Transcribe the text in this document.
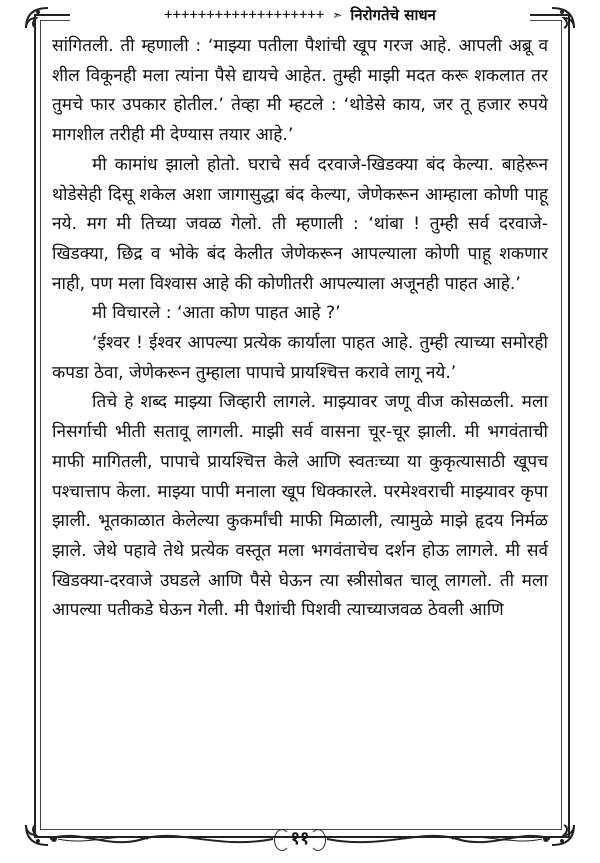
+++++++++++++++++++ ➣ निरोगतेचे साधन

सांगितली. ती म्हणाली : ‘माझ्या पतीला पैशांची खूप गरज आहे. आपली अब्रू व शील विकूनही मला त्यांना पैसे द्यायचे आहेत. तुम्ही माझी मदत करू शकलात तर तुमचे फार उपकार होतील.’ तेव्हा मी म्हटले : ‘थोडेसे काय, जर तू हजार रुपये मागशील तरीही मी देण्यास तयार आहे.’

मी कामांध झालो होतो. घराचे सर्व दरवाजे-खिडक्या बंद केल्या. बाहेरून थोडेसेही दिसू शकेल अशा जागासुद्धा बंद केल्या, जेणेकरून आम्हाला कोणी पाहू नये. मग मी तिच्या जवळ गेलो. ती म्हणाली : ‘थांबा ! तुम्ही सर्व दरवाजे-खिडक्या, छिद्र व भोके बंद केलीत जेणेकरून आपल्याला कोणी पाहू शकणार नाही, पण मला विश्वास आहे की कोणीतरी आपल्याला अजूनही पाहत आहे.’

मी विचारले : ‘आता कोण पाहत आहे ?’

‘ईश्वर ! ईश्वर आपल्या प्रत्येक कार्याला पाहत आहे. तुम्ही त्याच्या समोरही कपडा ठेवा, जेणेकरून तुम्हाला पापाचे प्रायश्चित्त करावे लागू नये.’

तिचे हे शब्द माझ्या जिव्हारी लागले. माझ्यावर जणू वीज कोसळली. मला निसर्गाची भीती सतावू लागली. माझी सर्व वासना चूर-चूर झाली. मी भगवंताची माफी मागितली, पापाचे प्रायश्चित्त केले आणि स्वतःच्या या कुकृत्यासाठी खूपच पश्चात्ताप केला. माझ्या पापी मनाला खूप धिक्कारले. परमेश्वराची माझ्यावर कृपा झाली. भूतकाळात केलेल्या कुकर्मांची माफी मिळाली, त्यामुळे माझे हृदय निर्मळ झाले. जेथे पहावे तेथे प्रत्येक वस्तूत मला भगवंताचेच दर्शन होऊ लागले. मी सर्व खिडक्या-दरवाजे उघडले आणि पैसे घेऊन त्या स्त्रीसोबत चालू लागलो. ती मला आपल्या पतीकडे घेऊन गेली. मी पैशांची पिशवी त्याच्याजवळ ठेवली आणि

११
